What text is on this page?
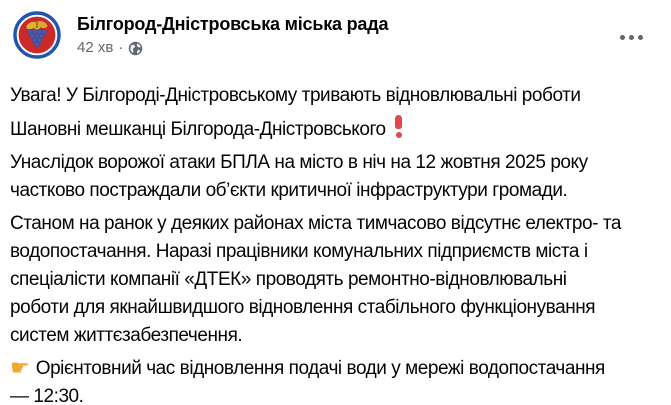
Білгород-Дністровська міська рада
42 хв ·

Увага! У Білгороді-Дністровському тривають відновлювальні роботи

Шановні мешканці Білгорода-Дністровського

Унаслідок ворожої атаки БПЛА на місто в ніч на 12 жовтня 2025 року
частково постраждали об’єкти критичної інфраструктури громади.

Станом на ранок у деяких районах міста тимчасово відсутнє електро- та
водопостачання. Наразі працівники комунальних підприємств міста і
спеціалісти компанії «ДТЕК» проводять ремонтно-відновлювальні
роботи для якнайшвидшого відновлення стабільного функціонування
систем життєзабезпечення.

☛ Орієнтовний час відновлення подачі води у мережі водопостачання
— 12:30.
